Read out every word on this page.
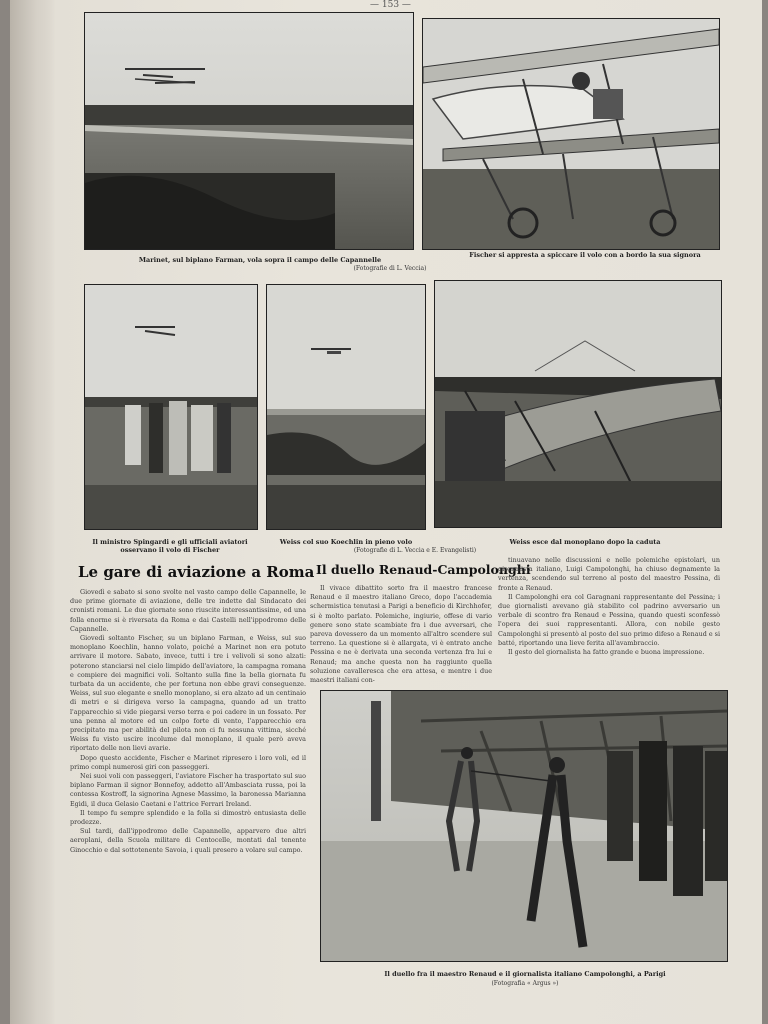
— 153 —
Marinet, sul biplano Farman, vola sopra il campo delle Capannelle
Fischer si appresta a spiccare il volo con a bordo la sua signora
(Fotografie di L. Veccia)
Il ministro Spingardi e gli ufficiali aviatori osservano il volo di Fischer
Weiss col suo Koechlin in pieno volo
(Fotografie di L. Veccia e E. Evangelisti)
Weiss esce dal monoplano dopo la caduta
Le gare di aviazione a Roma Il duello Renaud-Campolonghi

Giovedì e sabato si sono svolte nel vasto campo delle Capannelle, le due prime giornate di aviazione, delle tre indette dal Sindacato dei cronisti romani. Le due giornate sono riuscite interessantissime, ed una folla enorme si è riversata da Roma e dai Castelli nell'ippodromo delle Capannelle.

Giovedì soltanto Fischer, su un biplano Farman, e Weiss, sul suo monoplano Koechlin, hanno volato, poiché a Marinet non era potuto arrivare il motore. Sabato, invece, tutti i tre i velivoli si sono alzati: poterono stanciarsi nel cielo limpido dell'aviatore, la campagna romana e compiere dei magnifici voli. Soltanto sulla fine la bella giornata fu turbata da un accidente, che per fortuna non ebbe gravi conseguenze. Weiss, sul suo elegante e snello monoplano, si era alzato ad un centinaio di metri e si dirigeva verso la campagna, quando ad un tratto l'apparecchio si vide piegarsi verso terra e poi cadere in un fossato. Per una penna al motore ed un colpo forte di vento, l'apparecchio era precipitato ma per abilità del pilota non ci fu nessuna vittima, sicché Weiss fu visto uscire incolume dal monoplano, il quale però aveva riportato delle non lievi avarie.

Dopo questo accidente, Fischer e Marinet ripresero i loro voli, ed il primo compì numerosi giri con passeggeri.

Nei suoi voli con passeggeri, l'aviatore Fischer ha trasportato sul suo biplano Farman il signor Bonnefoy, addetto all'Ambasciata russa, poi la contessa Kostroff, la signorina Agnese Massimo, la baronessa Marianna Egidi, il duca Gelasio Caetani e l'attrice Ferrari Ireland.

Il tempo fu sempre splendido e la folla si dimostrò entusiasta delle prodezze.

Sul tardi, dall'ippodromo delle Capannelle, apparvero due altri aeroplani, della Scuola militare di Centocelle, montati dal tenente Ginocchio e dal sottotenente Savoia, i quali presero a volare sul campo.

Il vivace dibattito sorto fra il maestro francese Renaud e il maestro italiano Greco, dopo l'accademia schermistica tenutasi a Parigi a beneficio di Kirchhofer, si è molto parlato. Polemiche, ingiurie, offese di vario genere sono state scambiate fra i due avversari, che pareva dovessero da un momento all'altro scendere sul terreno. La questione si è allargata, vi è entrato anche Pessina e ne è derivata una seconda vertenza fra lui e Renaud; ma anche questa non ha raggiunto quella soluzione cavalleresca che era attesa, e mentre i due maestri italiani con-

tinuavano nelle discussioni e nelle polemiche epistolari, un giornalista italiano, Luigi Campolonghi, ha chiuso degnamente la vertenza, scendendo sul terreno al posto del maestro Pessina, di fronte a Renaud.

Il Campolonghi era col Garagnani rappresentante del Pessina; i due giornalisti avevano già stabilito col padrino avversario un verbale di scontro fra Renaud e Pessina, quando questi sconfessò l'opera dei suoi rappresentanti. Allora, con nobile gesto Campolonghi si presentò al posto del suo primo difeso a Renaud e si batté, riportando una lieve ferita all'avambraccio.

Il gesto del giornalista ha fatto grande e buona impressione.

Il duello fra il maestro Renaud e il giornalista italiano Campolonghi, a Parigi
(Fotografia « Argus »)
